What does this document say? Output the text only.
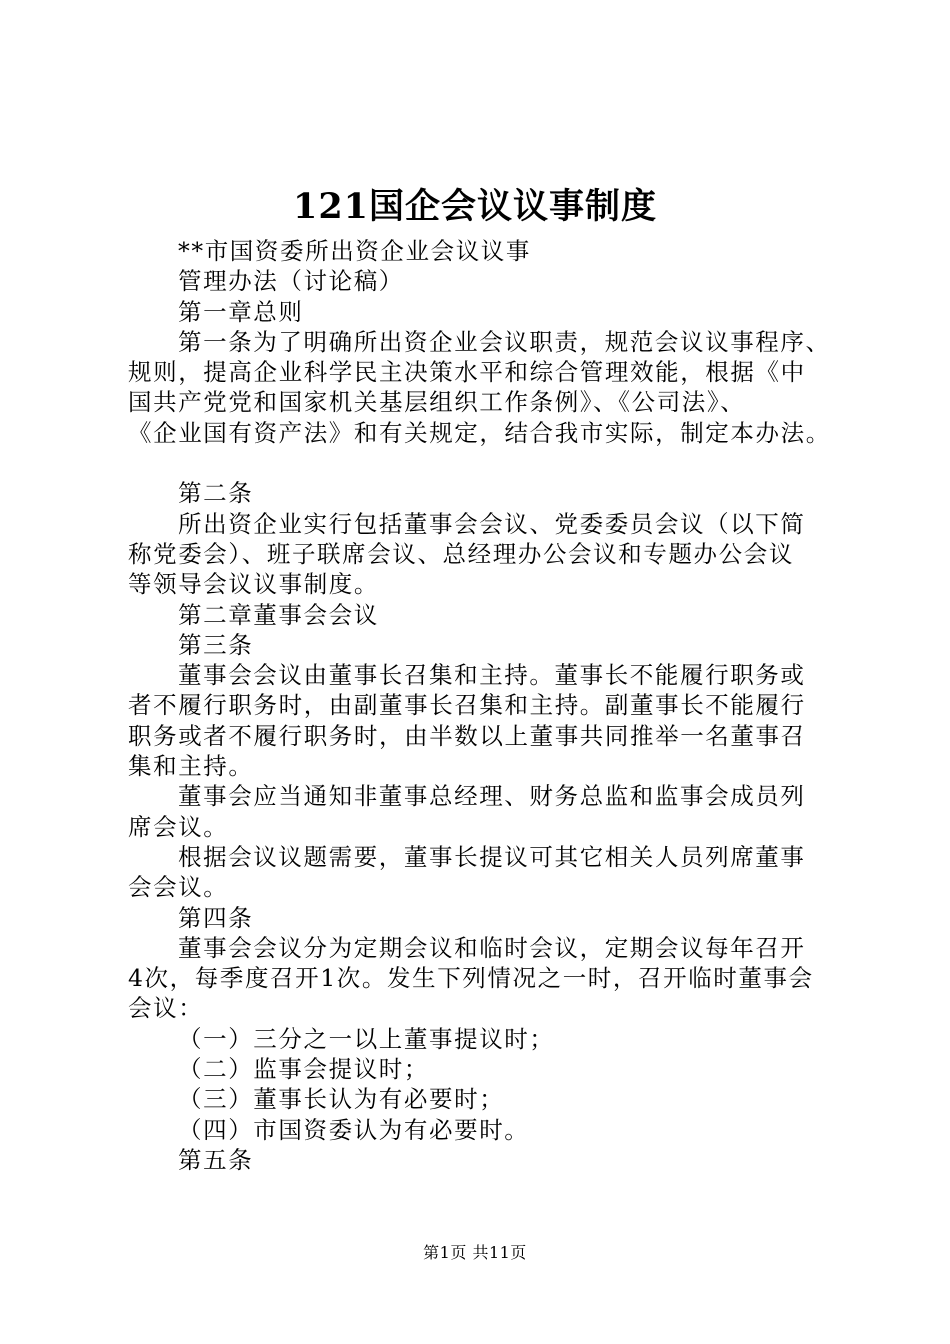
121国企会议议事制度
**市国资委所出资企业会议议事
管理办法（讨论稿）
第一章总则
第一条为了明确所出资企业会议职责，规范会议议事程序、
规则，提高企业科学民主决策水平和综合管理效能，根据《中
国共产党党和国家机关基层组织工作条例》、《公司法》、
《企业国有资产法》和有关规定，结合我市实际，制定本办法。
第二条
所出资企业实行包括董事会会议、党委委员会议（以下简
称党委会）、班子联席会议、总经理办公会议和专题办公会议
等领导会议议事制度。
第二章董事会会议
第三条
董事会会议由董事长召集和主持。董事长不能履行职务或
者不履行职务时，由副董事长召集和主持。副董事长不能履行
职务或者不履行职务时，由半数以上董事共同推举一名董事召
集和主持。
董事会应当通知非董事总经理、财务总监和监事会成员列
席会议。
根据会议议题需要，董事长提议可其它相关人员列席董事
会会议。
第四条
董事会会议分为定期会议和临时会议，定期会议每年召开
4次，每季度召开1次。发生下列情况之一时，召开临时董事会
会议：
（一）三分之一以上董事提议时；
（二）监事会提议时；
（三）董事长认为有必要时；
（四）市国资委认为有必要时。
第五条
第1页 共11页
